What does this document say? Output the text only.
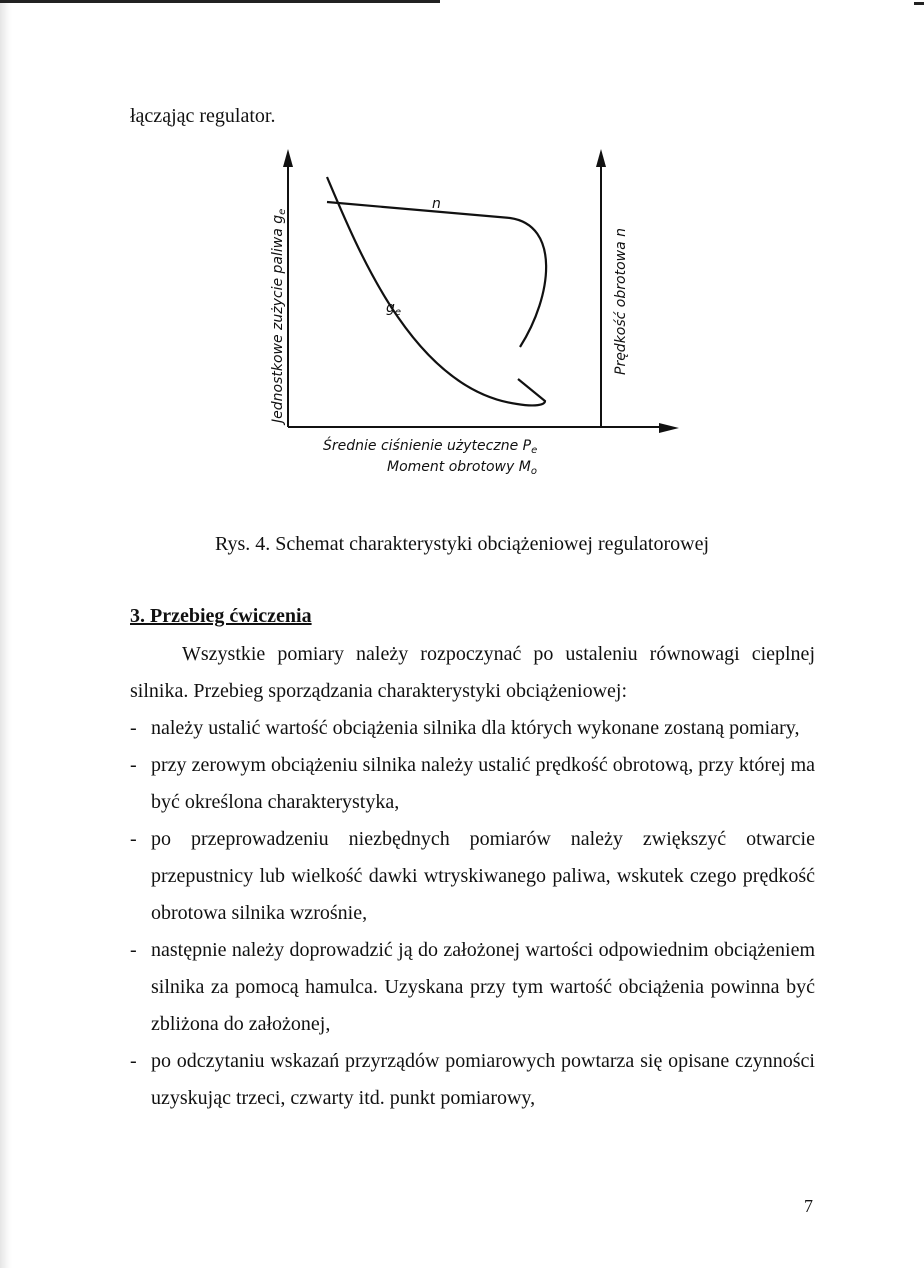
łącząjąc regulator.

n
$g_e$
Jednostkowe zużycie paliwa $g_e$
Prędkość obrotowa n
Średnie ciśnienie użyteczne $P_e$
Moment obrotowy $M_o$

Rys. 4. Schemat charakterystyki obciążeniowej regulatorowej

3. Przebieg ćwiczenia

Wszystkie pomiary należy rozpoczynać po ustaleniu równowagi cieplnej silnika. Przebieg sporządzania charakterystyki obciążeniowej:

- należy ustalić wartość obciążenia silnika dla których wykonane zostaną pomiary,
- przy zerowym obciążeniu silnika należy ustalić prędkość obrotową, przy której ma być określona charakterystyka,
- po przeprowadzeniu niezbędnych pomiarów należy zwiększyć otwarcie przepustnicy lub wielkość dawki wtryskiwanego paliwa, wskutek czego prędkość obrotowa silnika wzrośnie,
- następnie należy doprowadzić ją do założonej wartości odpowiednim obciążeniem silnika za pomocą hamulca. Uzyskana przy tym wartość obciążenia powinna być zbliżona do założonej,
- po odczytaniu wskazań przyrządów pomiarowych powtarza się opisane czynności uzyskując trzeci, czwarty itd. punkt pomiarowy,

7
